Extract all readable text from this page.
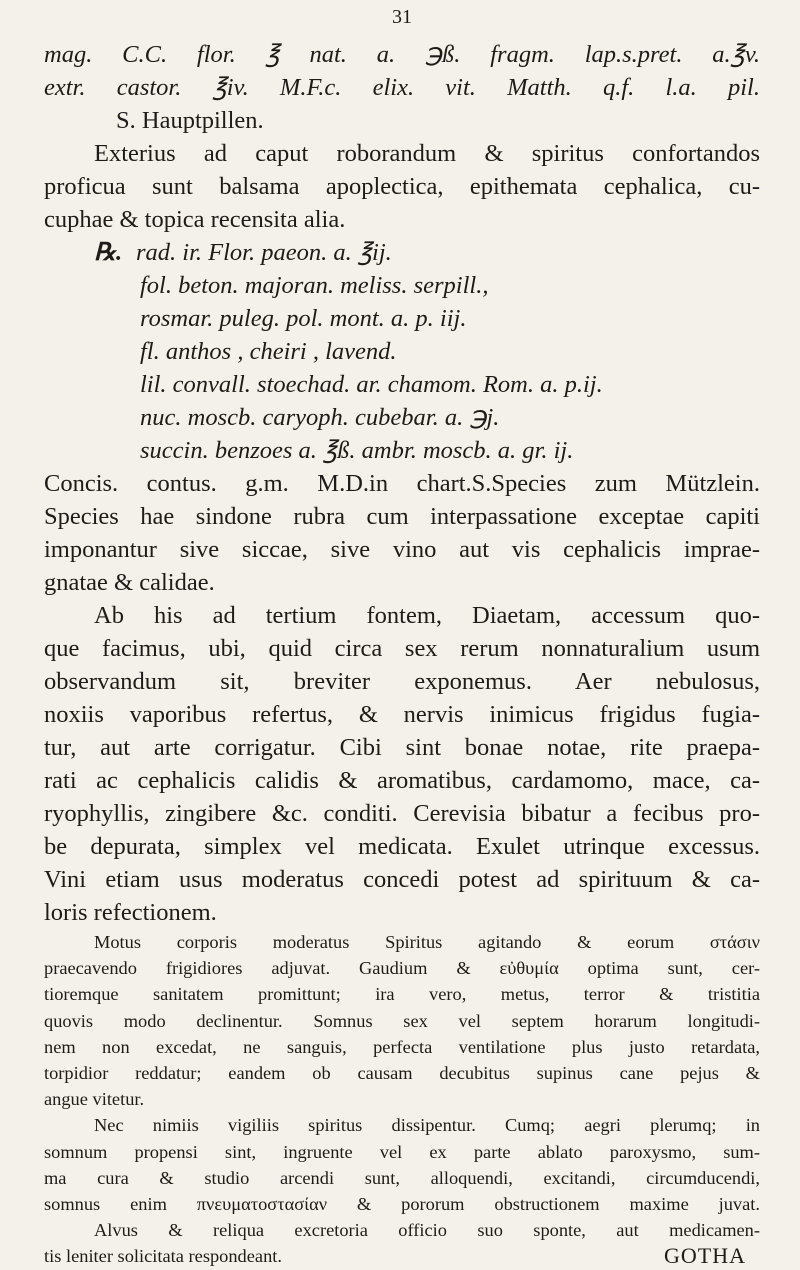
31
mag. C.C. flor. ℥ nat. a. ℈ß. fragm. lap.s.pret. a.℥v.
extr. castor. ℥iv. M.F.c. elix. vit. Matth. q.f. l.a. pil.
S. Hauptpillen.
Exterius ad caput roborandum & spiritus confortandos
proficua sunt balsama apoplectica, epithemata cephalica, cu-
cuphae & topica recensita alia.
℞. rad. ir. Flor. paeon. a. ℥ij.
fol. beton. majoran. meliss. serpill.,
rosmar. puleg. pol. mont. a. p. iij.
fl. anthos , cheiri , lavend.
lil. convall. stoechad. ar. chamom. Rom. a. p.ij.
nuc. moscb. caryoph. cubebar. a. ℈j.
succin. benzoes a. ℥ß. ambr. moscb. a. gr. ij.
Concis. contus. g.m. M.D.in chart.S.Species zum Mützlein.
Species hae sindone rubra cum interpassatione exceptae capiti
imponantur sive siccae, sive vino aut vis cephalicis imprae-
gnatae & calidae.
Ab his ad tertium fontem, Diaetam, accessum quo-
que facimus, ubi, quid circa sex rerum nonnaturalium usum
observandum sit, breviter exponemus. Aer nebulosus,
noxiis vaporibus refertus, & nervis inimicus frigidus fugia-
tur, aut arte corrigatur. Cibi sint bonae notae, rite praepa-
rati ac cephalicis calidis & aromatibus, cardamomo, mace, ca-
ryophyllis, zingibere &c. conditi. Cerevisia bibatur a fecibus pro-
be depurata, simplex vel medicata. Exulet utrinque excessus.
Vini etiam usus moderatus concedi potest ad spirituum & ca-
loris refectionem.
Motus corporis moderatus Spiritus agitando & eorum στάσιν
praecavendo frigidiores adjuvat. Gaudium & εὐθυμία optima sunt, cer-
tioremque sanitatem promittunt; ira vero, metus, terror & tristitia
quovis modo declinentur. Somnus sex vel septem horarum longitudi-
nem non excedat, ne sanguis, perfecta ventilatione plus justo retardata,
torpidior reddatur; eandem ob causam decubitus supinus cane pejus &
angue vitetur.
Nec nimiis vigiliis spiritus dissipentur. Cumq; aegri plerumq; in
somnum propensi sint, ingruente vel ex parte ablato paroxysmo, sum-
ma cura & studio arcendi sunt, alloquendi, excitandi, circumducendi,
somnus enim πνευματοστασίαν & pororum obstructionem maxime juvat.
Alvus & reliqua excretoria officio suo sponte, aut medicamen-
tis leniter solicitata respondeant.	GOTHA
